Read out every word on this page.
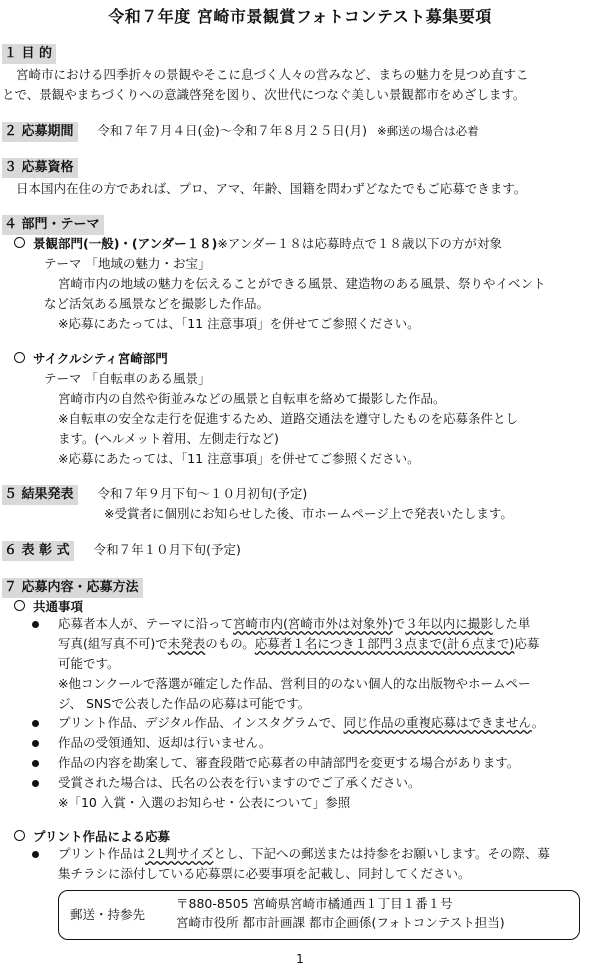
令和７年度 宮崎市景観賞フォトコンテスト募集要項
１ 目 的
宮崎市における四季折々の景観やそこに息づく人々の営みなど、まちの魅力を見つめ直すこ
とで、景観やまちづくりへの意識啓発を図り、次世代につなぐ美しい景観都市をめざします。
２ 応募期間 令和７年７月４日(金)～令和７年８月２５日(月) ※郵送の場合は必着
３ 応募資格
日本国内在住の方であれば、プロ、アマ、年齢、国籍を問わずどなたでもご応募できます。
４ 部門・テーマ
景観部門(一般)・(アンダー１８)※アンダー１８は応募時点で１８歳以下の方が対象
テーマ 「地域の魅力・お宝」
宮崎市内の地域の魅力を伝えることができる風景、建造物のある風景、祭りやイベント
など活気ある風景などを撮影した作品。
※応募にあたっては、「11 注意事項」を併せてご参照ください。
サイクルシティ宮崎部門
テーマ 「自転車のある風景」
宮崎市内の自然や街並みなどの風景と自転車を絡めて撮影した作品。
※自転車の安全な走行を促進するため、道路交通法を遵守したものを応募条件とし
ます。(ヘルメット着用、左側走行など)
※応募にあたっては、「11 注意事項」を併せてご参照ください。
５ 結果発表 令和７年９月下旬～１０月初旬(予定)
※受賞者に個別にお知らせした後、市ホームページ上で発表いたします。
６ 表 彰 式 令和７年１０月下旬(予定)
７ 応募内容・応募方法
共通事項
応募者本人が、テーマに沿って宮崎市内(宮崎市外は対象外)で３年以内に撮影した単
写真(組写真不可)で未発表のもの。応募者１名につき１部門３点まで(計６点まで)応募
可能です。
※他コンクールで落選が確定した作品、営利目的のない個人的な出版物やホームペー
ジ、 SNSで公表した作品の応募は可能です。
プリント作品、デジタル作品、インスタグラムで、同じ作品の重複応募はできません。
作品の受領通知、返却は行いません。
作品の内容を勘案して、審査段階で応募者の申請部門を変更する場合があります。
受賞された場合は、氏名の公表を行いますのでご了承ください。
※「10 入賞・入選のお知らせ・公表について」参照
プリント作品による応募
プリント作品は２L判サイズとし、下記への郵送または持参をお願いします。その際、募
集チラシに添付している応募票に必要事項を記載し、同封してください。
郵送・持参先
〒880-8505 宮崎県宮崎市橘通西１丁目１番１号
宮崎市役所 都市計画課 都市企画係(フォトコンテスト担当)
1
